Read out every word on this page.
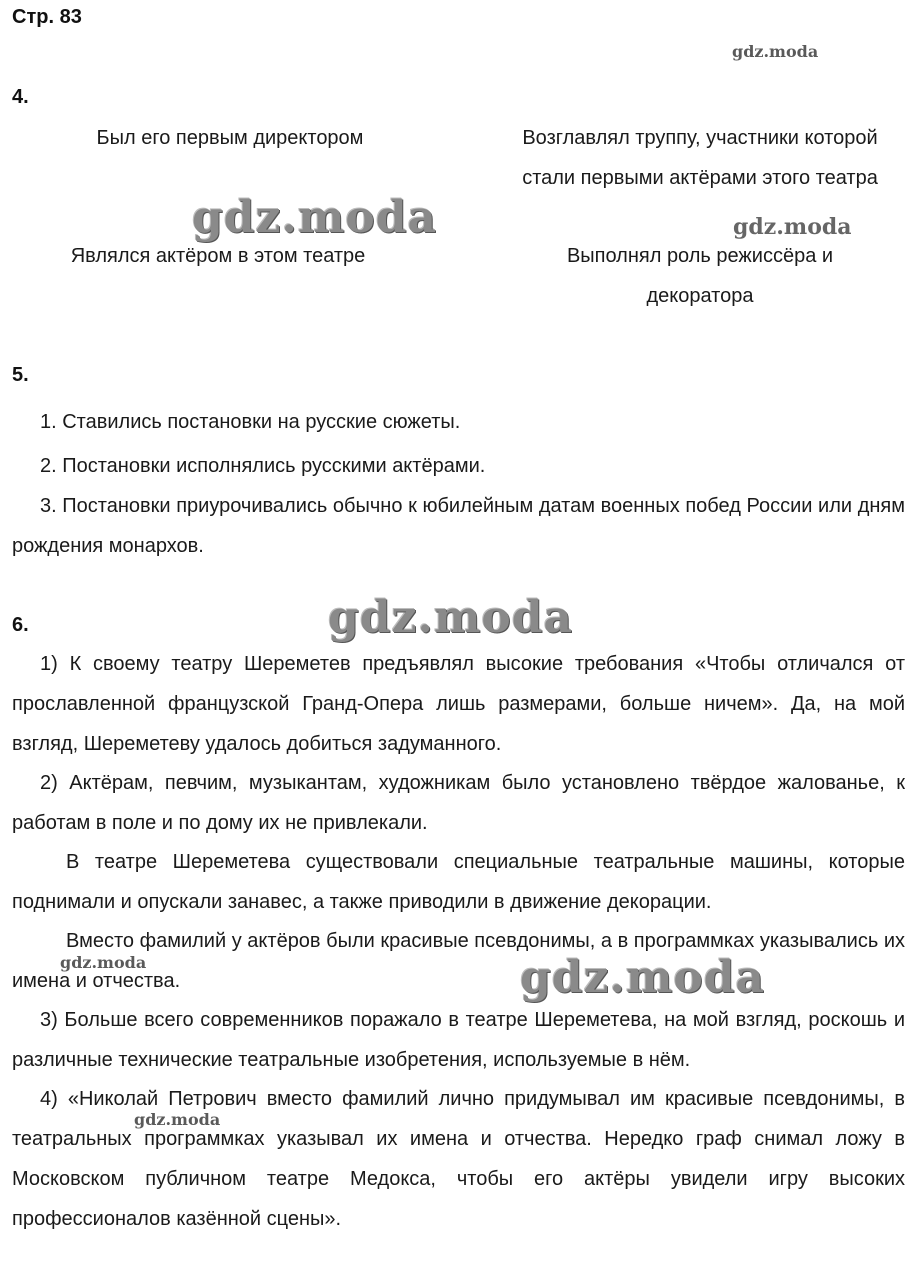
Стр. 83
4.
Был его первым директором	Возглавлял труппу, участники которой
стали первыми актёрами этого театра
Являлся актёром в этом театре	Выполнял роль режиссёра и
декоратора
5.
1. Ставились постановки на русские сюжеты.
2. Постановки исполнялись русскими актёрами.
3. Постановки приурочивались обычно к юбилейным датам военных побед России или дням рождения монархов.
6.
1) К своему театру Шереметев предъявлял высокие требования «Чтобы отличался от прославленной французской Гранд-Опера лишь размерами, больше ничем». Да, на мой взгляд, Шереметеву удалось добиться задуманного.
2) Актёрам, певчим, музыкантам, художникам было установлено твёрдое жалованье, к работам в поле и по дому их не привлекали.
В театре Шереметева существовали специальные театральные машины, которые поднимали и опускали занавес, а также приводили в движение декорации.
Вместо фамилий у актёров были красивые псевдонимы, а в программках указывались их имена и отчества.
3) Больше всего современников поражало в театре Шереметева, на мой взгляд, роскошь и различные технические театральные изобретения, используемые в нём.
4) «Николай Петрович вместо фамилий лично придумывал им красивые псевдонимы, в театральных программках указывал их имена и отчества. Нередко граф снимал ложу в Московском публичном театре Медокса, чтобы его актёры увидели игру высоких профессионалов казённой сцены».
gdz.moda
gdz.moda	gdz.moda
gdz.moda
gdz.moda	gdz.moda
gdz.moda
